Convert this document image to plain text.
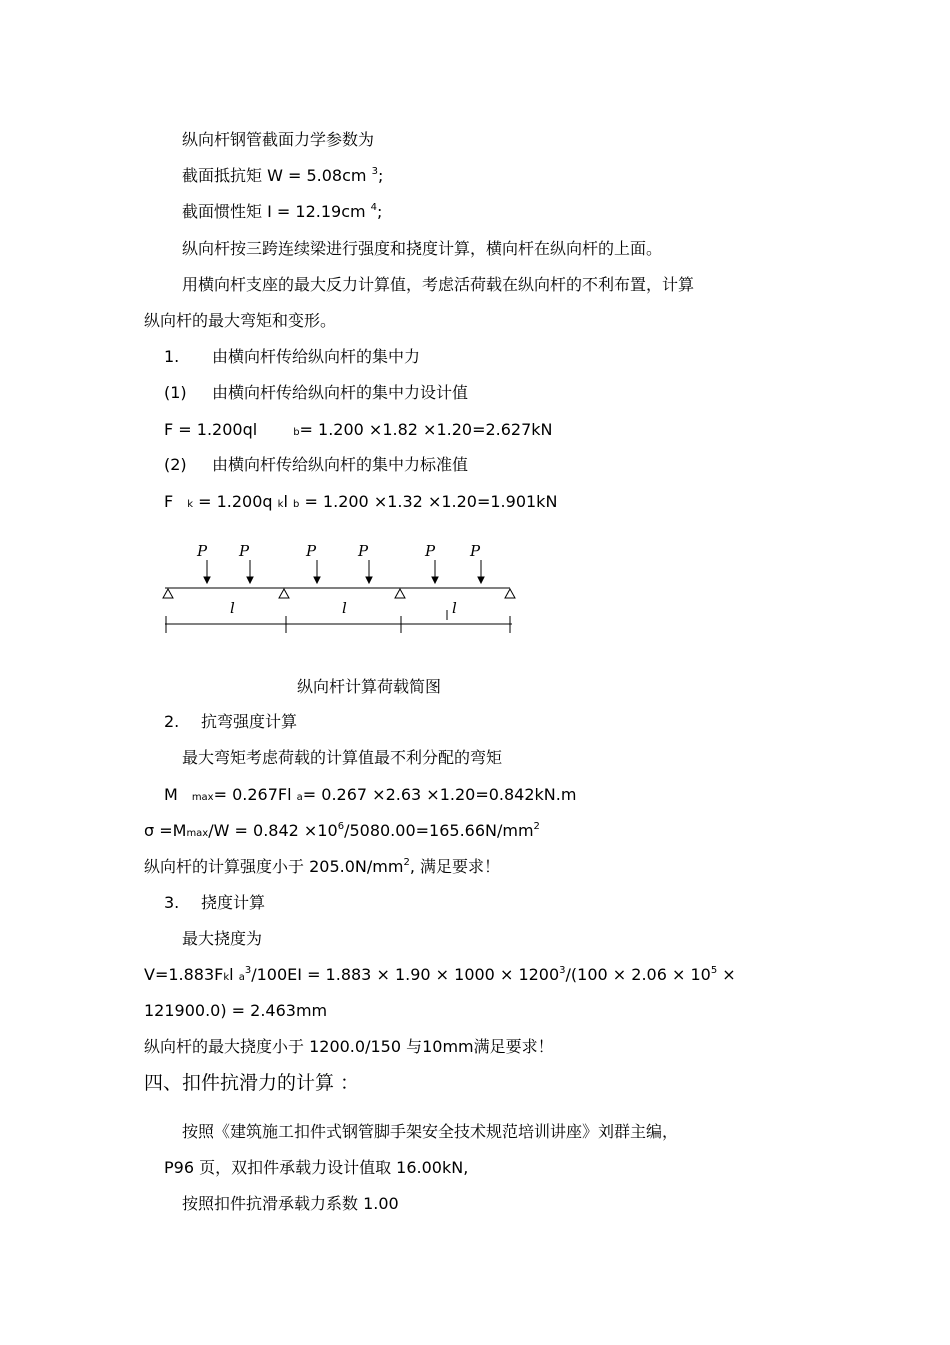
纵向杆钢管截面力学参数为
截面抵抗矩 W = 5.08cm $^3$;
截面惯性矩 I = 12.19cm $^4$;
纵向杆按三跨连续梁进行强度和挠度计算，横向杆在纵向杆的上面。
用横向杆支座的最大反力计算值，考虑活荷载在纵向杆的不利布置，计算
纵向杆的最大弯矩和变形。
1. 由横向杆传给纵向杆的集中力
(1) 由横向杆传给纵向杆的集中力设计值
F = 1.200ql	b= 1.200 ×1.82 ×1.20=2.627kN
(2) 由横向杆传给纵向杆的集中力标准值
F k = 1.200q kl b = 1.200 ×1.32 ×1.20=1.901kN
P P	P	P	P P
l	l	l
纵向杆计算荷载简图
2. 抗弯强度计算
最大弯矩考虑荷载的计算值最不利分配的弯矩
M max= 0.267Fl a= 0.267 ×2.63 ×1.20=0.842kN.m
$\sigma =Mmax/W = 0.842 \times 10^6/5080.00=165.66N/mm^2$
纵向杆的计算强度小于 $205.0N/mm^2$, 满足要求！
3. 挠度计算
最大挠度为
V=1.883Fkl $a^3/100EI = 1.883 \times 1.90 \times 1000 \times 1200^3/(100 \times 2.06 \times 10^5$ ×
121900.0) = 2.463mm
纵向杆的最大挠度小于 1200.0/150 与10mm满足要求！
四、扣件抗滑力的计算 ：
按照《建筑施工扣件式钢管脚手架安全技术规范培训讲座》刘群主编，
P96 页，双扣件承载力设计值取 16.00kN,
按照扣件抗滑承载力系数 1.00
